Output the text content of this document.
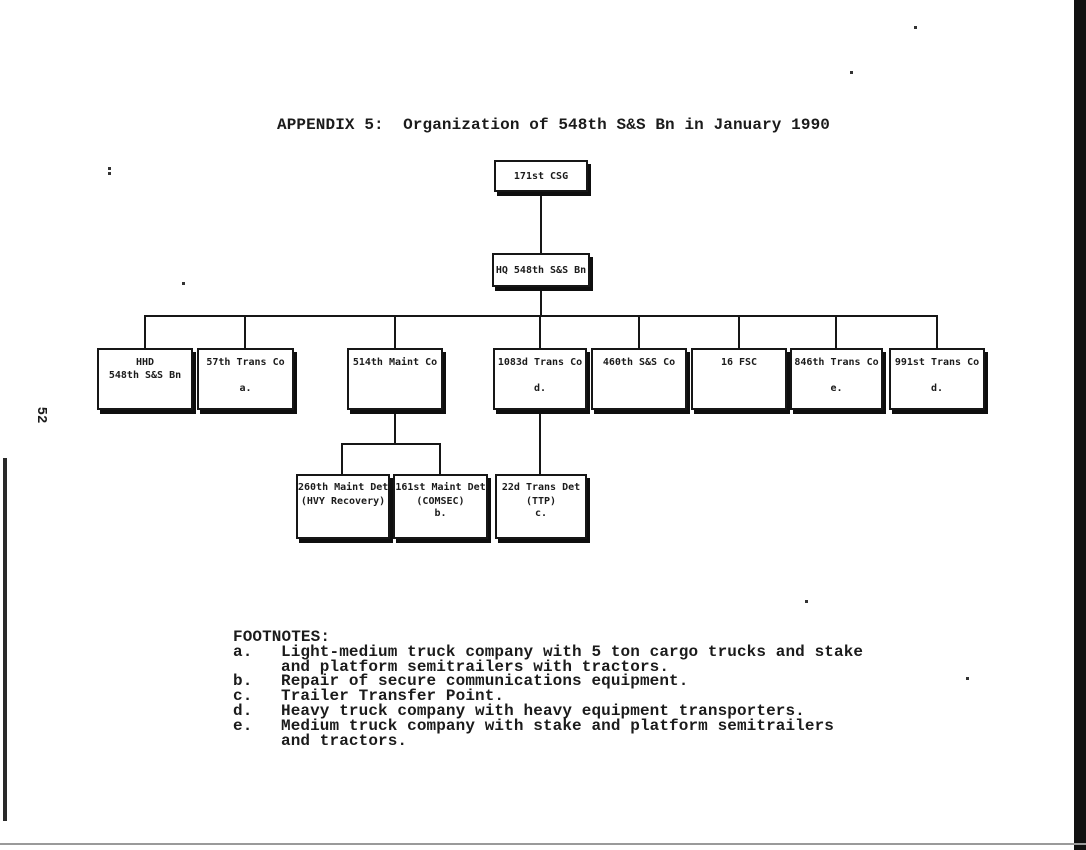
APPENDIX 5:  Organization of 548th S&S Bn in January 1990
171st CSG
HQ 548th S&S Bn
HHD
548th S&S Bn
57th Trans Co
a.
514th Maint Co	1083d Trans Co
d.
460th S&S Co	16 FSC	846th Trans Co
e.
991st Trans Co
d.
260th Maint Det
(HVY Recovery)
161st Maint Det
(COMSEC)
b.
22d Trans Det
(TTP)
c.
FOOTNOTES:
a.	Light-medium truck company with 5 ton cargo trucks and stake
and platform semitrailers with tractors.
b.	Repair of secure communications equipment.
c.	Trailer Transfer Point.
d.	Heavy truck company with heavy equipment transporters.
e.	Medium truck company with stake and platform semitrailers
and tractors.
52
